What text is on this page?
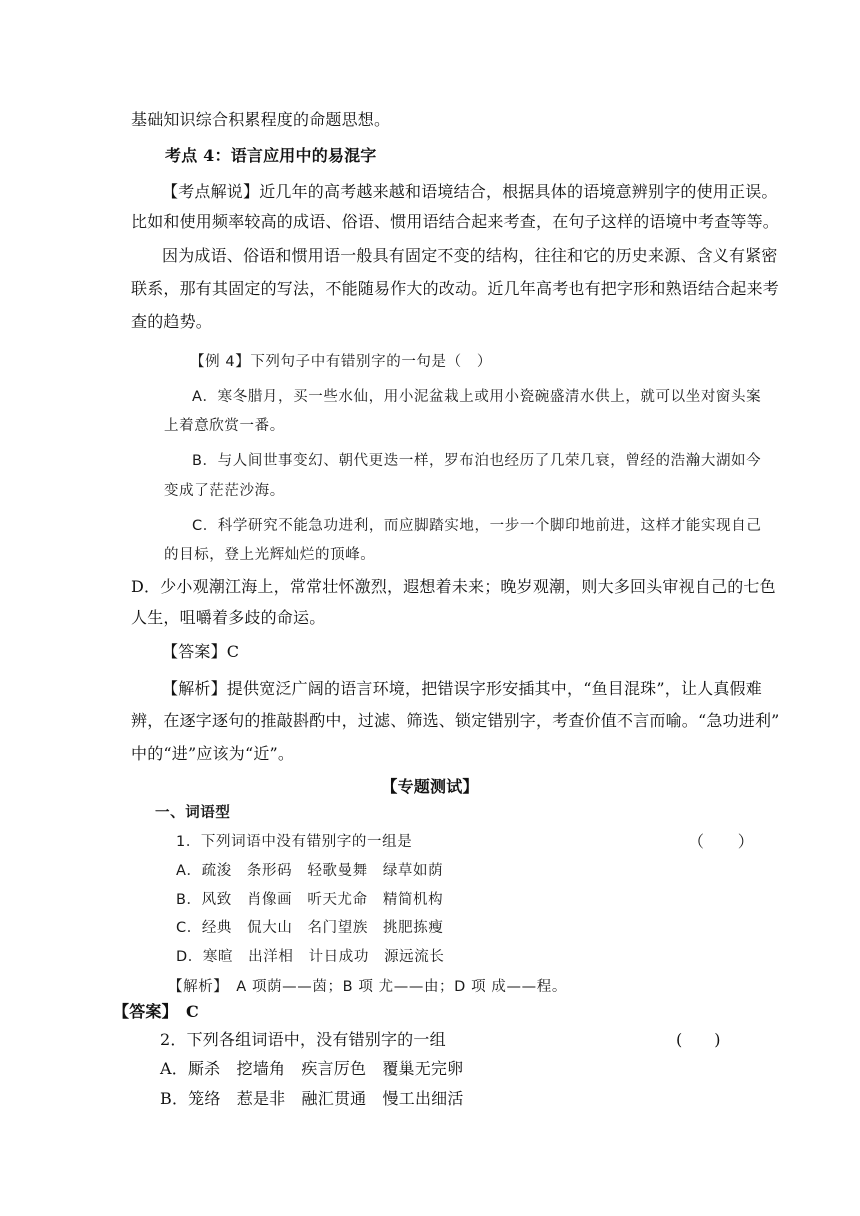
基础知识综合积累程度的命题思想。
考点 4：语言应用中的易混字
【考点解说】近几年的高考越来越和语境结合，根据具体的语境意辨别字的使用正误。
比如和使用频率较高的成语、俗语、惯用语结合起来考查，在句子这样的语境中考查等等。
因为成语、俗语和惯用语一般具有固定不变的结构，往往和它的历史来源、含义有紧密
联系，那有其固定的写法，不能随易作大的改动。近几年高考也有把字形和熟语结合起来考
查的趋势。
【例 4】下列句子中有错别字的一句是（　）
A．寒冬腊月，买一些水仙，用小泥盆栽上或用小瓷碗盛清水供上，就可以坐对窗头案
上着意欣赏一番。
B．与人间世事变幻、朝代更迭一样，罗布泊也经历了几荣几衰，曾经的浩瀚大湖如今
变成了茫茫沙海。
C．科学研究不能急功进利，而应脚踏实地，一步一个脚印地前进，这样才能实现自己
的目标，登上光辉灿烂的顶峰。
D．少小观潮江海上，常常壮怀激烈，遐想着未来；晚岁观潮，则大多回头审视自己的七色
人生，咀嚼着多歧的命运。
【答案】C
【解析】提供宽泛广阔的语言环境，把错误字形安插其中，“鱼目混珠”，让人真假难
辨，在逐字逐句的推敲斟酌中，过滤、筛选、锁定错别字，考查价值不言而喻。“急功进利”
中的“进”应该为“近”。
【专题测试】
一、词语型
1．下列词语中没有错别字的一组是	（　　）
A．疏浚　条形码　轻歌曼舞　绿草如荫
B．风致　肖像画　听天尤命　精简机构
C．经典　侃大山　名门望族　挑肥拣瘦
D．寒暄　出洋相　计日成功　源远流长
【解析】　A 项荫——茵；B 项 尤——由；D 项 成——程。
【答案】　C
2．下列各组词语中，没有错别字的一组	(　　)
A．厮杀　挖墙角　疾言厉色　覆巢无完卵
B．笼络　惹是非　融汇贯通　慢工出细活
